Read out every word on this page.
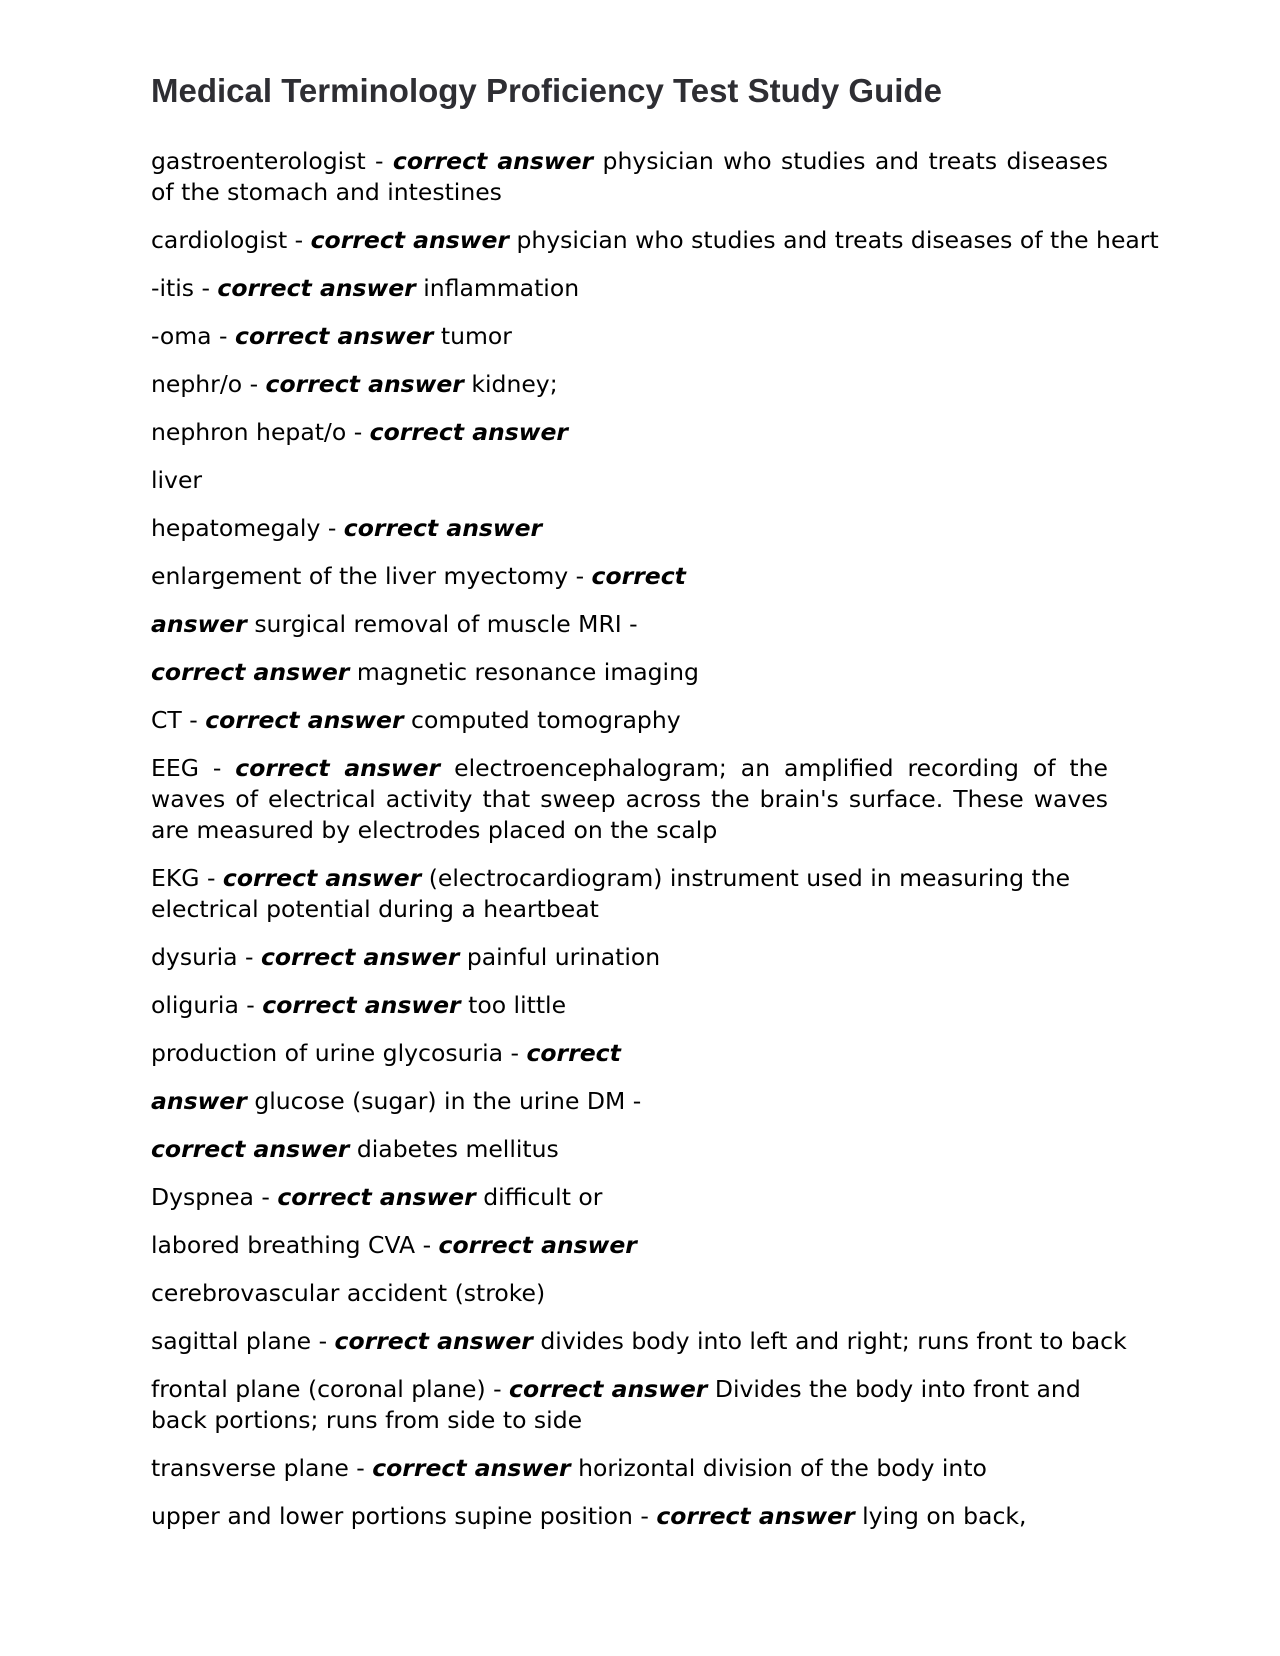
Medical Terminology Proficiency Test Study Guide

gastroenterologist - correct answer physician who studies and treats diseases of the stomach and intestines

cardiologist - correct answer physician who studies and treats diseases of the heart

-itis - correct answer inflammation

-oma - correct answer tumor

nephr/o - correct answer kidney;

nephron hepat/o - correct answer

liver

hepatomegaly - correct answer

enlargement of the liver myectomy - correct

answer surgical removal of muscle MRI -

correct answer magnetic resonance imaging

CT - correct answer computed tomography

EEG - correct answer electroencephalogram; an amplified recording of the waves of electrical activity that sweep across the brain's surface. These waves are measured by electrodes placed on the scalp

EKG - correct answer (electrocardiogram) instrument used in measuring the electrical potential during a heartbeat

dysuria - correct answer painful urination

oliguria - correct answer too little

production of urine glycosuria - correct

answer glucose (sugar) in the urine DM -

correct answer diabetes mellitus

Dyspnea - correct answer difficult or

labored breathing CVA - correct answer

cerebrovascular accident (stroke)

sagittal plane - correct answer divides body into left and right; runs front to back

frontal plane (coronal plane) - correct answer Divides the body into front and back portions; runs from side to side

transverse plane - correct answer horizontal division of the body into

upper and lower portions supine position - correct answer lying on back,
